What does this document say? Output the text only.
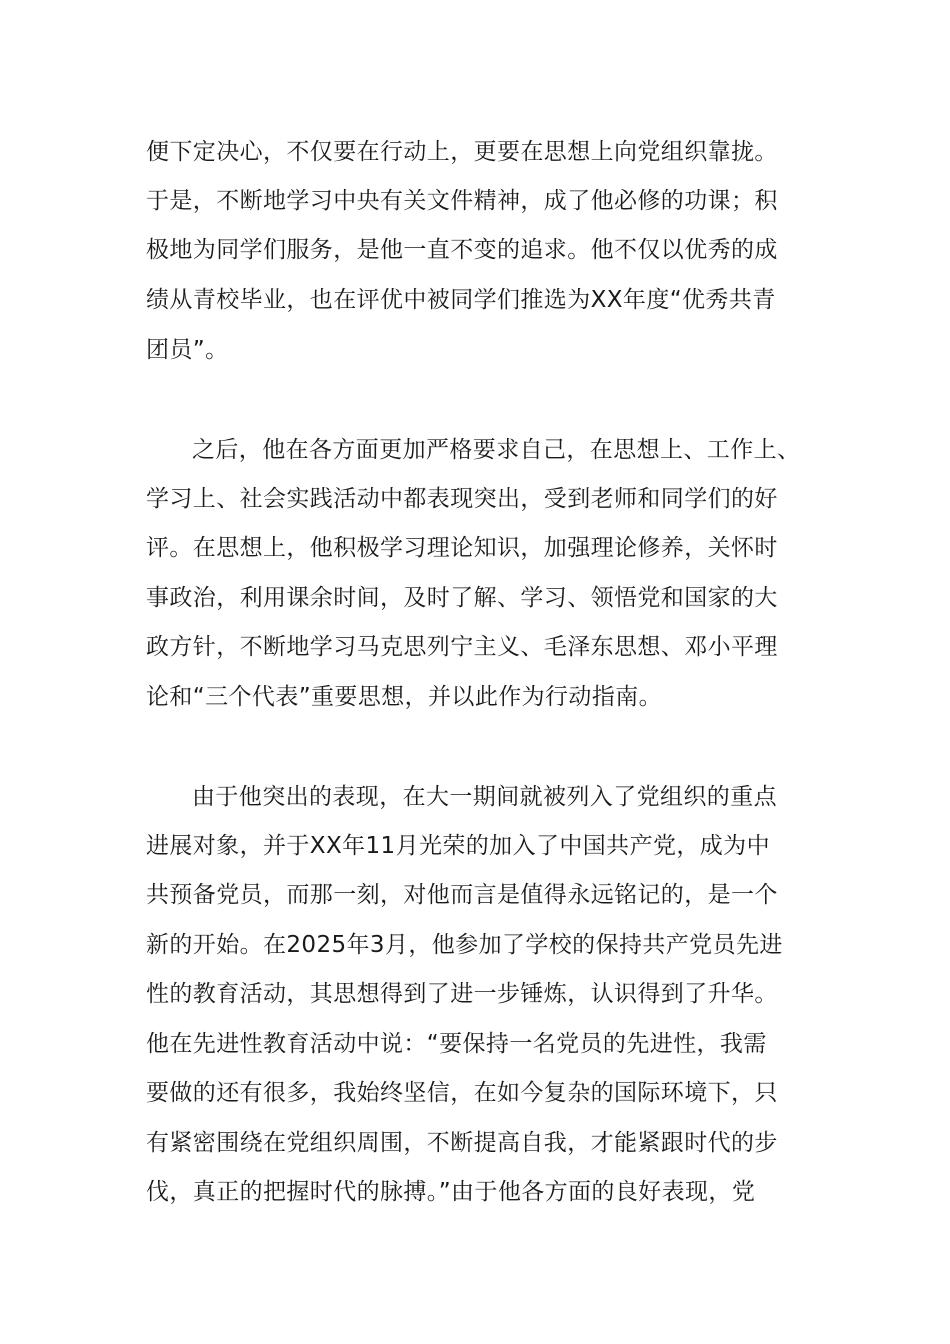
便下定决心，不仅要在行动上，更要在思想上向党组织靠拢。
于是，不断地学习中央有关文件精神，成了他必修的功课；积
极地为同学们服务，是他一直不变的追求。他不仅以优秀的成
绩从青校毕业，也在评优中被同学们推选为XX年度“优秀共青
团员”。
之后，他在各方面更加严格要求自己，在思想上、工作上、
学习上、社会实践活动中都表现突出，受到老师和同学们的好
评。在思想上，他积极学习理论知识，加强理论修养，关怀时
事政治，利用课余时间，及时了解、学习、领悟党和国家的大
政方针，不断地学习马克思列宁主义、毛泽东思想、邓小平理
论和“三个代表”重要思想，并以此作为行动指南。
由于他突出的表现，在大一期间就被列入了党组织的重点
进展对象，并于XX年11月光荣的加入了中国共产党，成为中
共预备党员，而那一刻，对他而言是值得永远铭记的，是一个
新的开始。在2025年3月，他参加了学校的保持共产党员先进
性的教育活动，其思想得到了进一步锤炼，认识得到了升华。
他在先进性教育活动中说：“要保持一名党员的先进性，我需
要做的还有很多，我始终坚信，在如今复杂的国际环境下，只
有紧密围绕在党组织周围，不断提高自我，才能紧跟时代的步
伐，真正的把握时代的脉搏。”由于他各方面的良好表现，党
